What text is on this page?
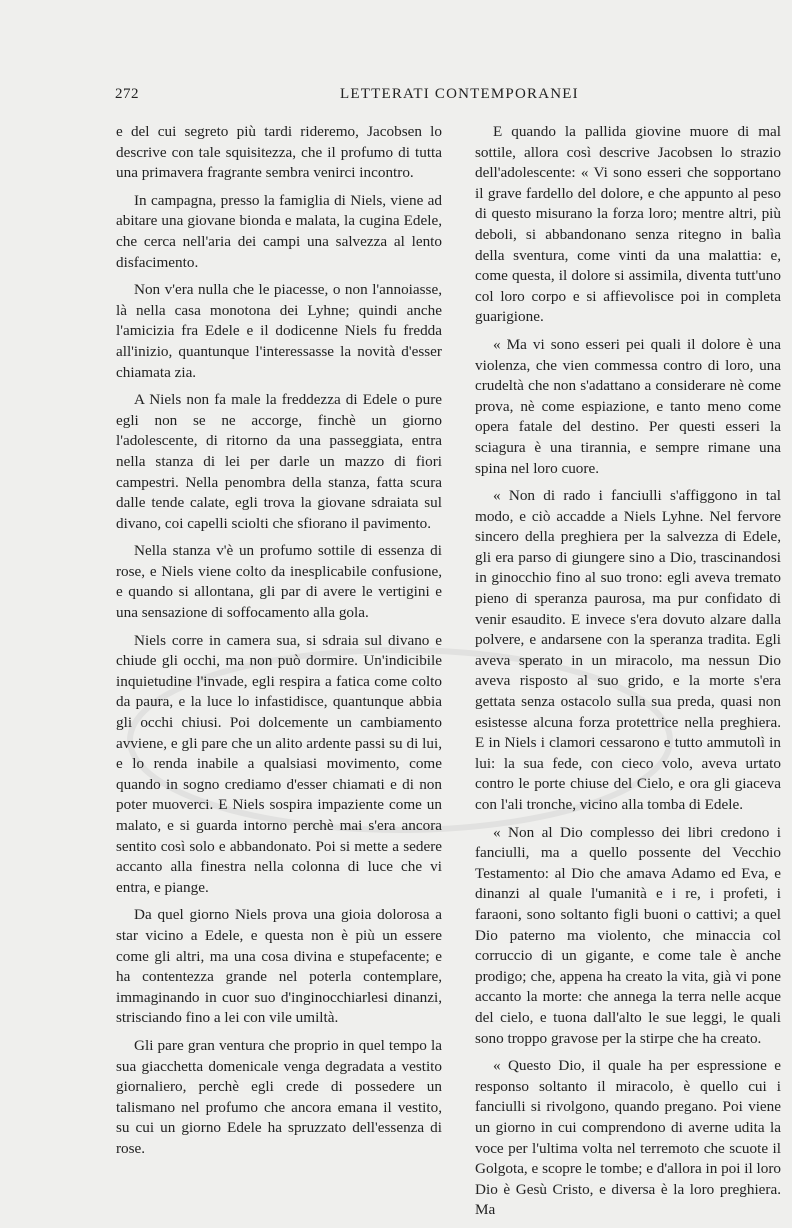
272	LETTERATI CONTEMPORANEI

e del cui segreto più tardi rideremo, Jacobsen lo descrive con tale squisitezza, che il profumo di tutta una primavera fragrante sembra venirci incontro.

In campagna, presso la famiglia di Niels, viene ad abitare una giovane bionda e malata, la cugina Edele, che cerca nell'aria dei campi una salvezza al lento disfacimento.

Non v'era nulla che le piacesse, o non l'annoiasse, là nella casa monotona dei Lyhne; quindi anche l'amicizia fra Edele e il dodicenne Niels fu fredda all'inizio, quantunque l'interessasse la novità d'esser chiamata zia.

A Niels non fa male la freddezza di Edele o pure egli non se ne accorge, finchè un giorno l'adolescente, di ritorno da una passeggiata, entra nella stanza di lei per darle un mazzo di fiori campestri. Nella penombra della stanza, fatta scura dalle tende calate, egli trova la giovane sdraiata sul divano, coi capelli sciolti che sfiorano il pavimento.

Nella stanza v'è un profumo sottile di essenza di rose, e Niels viene colto da inesplicabile confusione, e quando si allontana, gli par di avere le vertigini e una sensazione di soffocamento alla gola.

Niels corre in camera sua, si sdraia sul divano e chiude gli occhi, ma non può dormire. Un'indicibile inquietudine l'invade, egli respira a fatica come colto da paura, e la luce lo infastidisce, quantunque abbia gli occhi chiusi. Poi dolcemente un cambiamento avviene, e gli pare che un alito ardente passi su di lui, e lo renda inabile a qualsiasi movimento, come quando in sogno crediamo d'esser chiamati e di non poter muoverci. E Niels sospira impaziente come un malato, e si guarda intorno perchè mai s'era ancora sentito così solo e abbandonato. Poi si mette a sedere accanto alla finestra nella colonna di luce che vi entra, e piange.

Da quel giorno Niels prova una gioia dolorosa a star vicino a Edele, e questa non è più un essere come gli altri, ma una cosa divina e stupefacente; e ha contentezza grande nel poterla contemplare, immaginando in cuor suo d'inginocchiarlesi dinanzi, strisciando fino a lei con vile umiltà.

Gli pare gran ventura che proprio in quel tempo la sua giacchetta domenicale venga degradata a vestito giornaliero, perchè egli crede di possedere un talismano nel profumo che ancora emana il vestito, su cui un giorno Edele ha spruzzato dell'essenza di rose.

E quando la pallida giovine muore di mal sottile, allora così descrive Jacobsen lo strazio dell'adolescente: « Vi sono esseri che sopportano il grave fardello del dolore, e che appunto al peso di questo misurano la forza loro; mentre altri, più deboli, si abbandonano senza ritegno in balìa della sventura, come vinti da una malattia: e, come questa, il dolore si assimila, diventa tutt'uno col loro corpo e si affievolisce poi in completa guarigione.

« Ma vi sono esseri pei quali il dolore è una violenza, che vien commessa contro di loro, una crudeltà che non s'adattano a considerare nè come prova, nè come espiazione, e tanto meno come opera fatale del destino. Per questi esseri la sciagura è una tirannia, e sempre rimane una spina nel loro cuore.

« Non di rado i fanciulli s'affiggono in tal modo, e ciò accadde a Niels Lyhne. Nel fervore sincero della preghiera per la salvezza di Edele, gli era parso di giungere sino a Dio, trascinandosi in ginocchio fino al suo trono: egli aveva tremato pieno di speranza paurosa, ma pur confidato di venir esaudito. E invece s'era dovuto alzare dalla polvere, e andarsene con la speranza tradita. Egli aveva sperato in un miracolo, ma nessun Dio aveva risposto al suo grido, e la morte s'era gettata senza ostacolo sulla sua preda, quasi non esistesse alcuna forza protettrice nella preghiera. E in Niels i clamori cessarono e tutto ammutolì in lui: la sua fede, con cieco volo, aveva urtato contro le porte chiuse del Cielo, e ora gli giaceva con l'ali tronche, vicino alla tomba di Edele.

« Non al Dio complesso dei libri credono i fanciulli, ma a quello possente del Vecchio Testamento: al Dio che amava Adamo ed Eva, e dinanzi al quale l'umanità e i re, i profeti, i faraoni, sono soltanto figli buoni o cattivi; a quel Dio paterno ma violento, che minaccia col corruccio di un gigante, e come tale è anche prodigo; che, appena ha creato la vita, già vi pone accanto la morte: che annega la terra nelle acque del cielo, e tuona dall'alto le sue leggi, le quali sono troppo gravose per la stirpe che ha creato.

« Questo Dio, il quale ha per espressione e responso soltanto il miracolo, è quello cui i fanciulli si rivolgono, quando pregano. Poi viene un giorno in cui comprendono di averne udita la voce per l'ultima volta nel terremoto che scuote il Golgota, e scopre le tombe; e d'allora in poi il loro Dio è Gesù Cristo, e diversa è la loro preghiera. Ma
